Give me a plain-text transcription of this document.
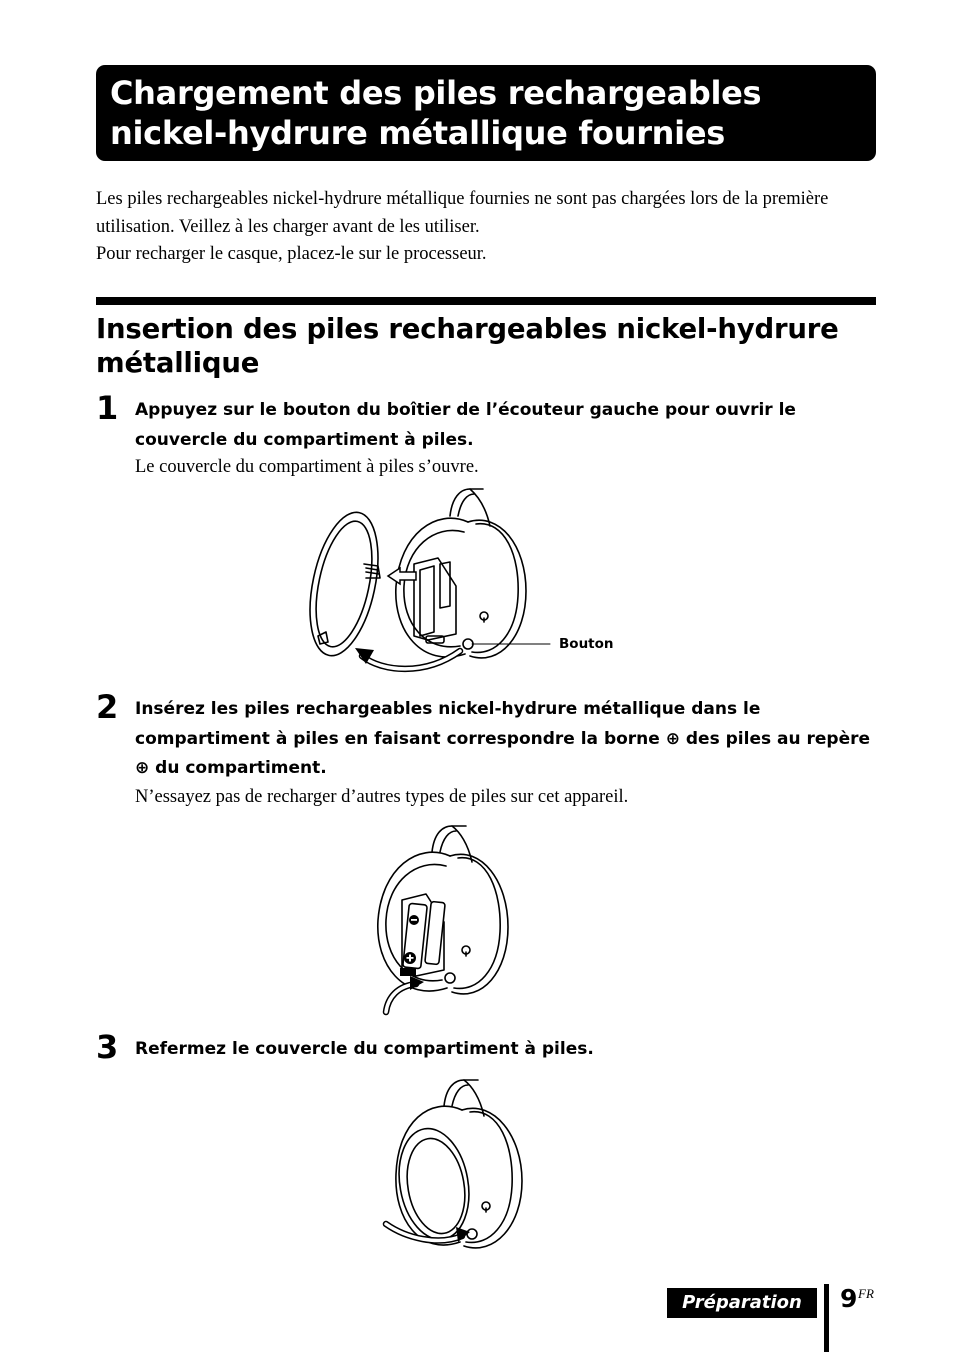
Chargement des piles rechargeables nickel-hydrure métallique fournies

Les piles rechargeables nickel-hydrure métallique fournies ne sont pas chargées lors de la première utilisation. Veillez à les charger avant de les utiliser.

Pour recharger le casque, placez-le sur le processeur.

Insertion des piles rechargeables nickel-hydrure métallique
1 Appuyez sur le bouton du boîtier de l’écouteur gauche pour ouvrir le couvercle du compartiment à piles.

Le couvercle du compartiment à piles s’ouvre.

Bouton
2 Insérez les piles rechargeables nickel-hydrure métallique dans le compartiment à piles en faisant correspondre la borne ⊕ des piles au repère ⊕ du compartiment.

N’essayez pas de recharger d’autres types de piles sur cet appareil.

3 Refermez le couvercle du compartiment à piles.

Préparation	9 FR
